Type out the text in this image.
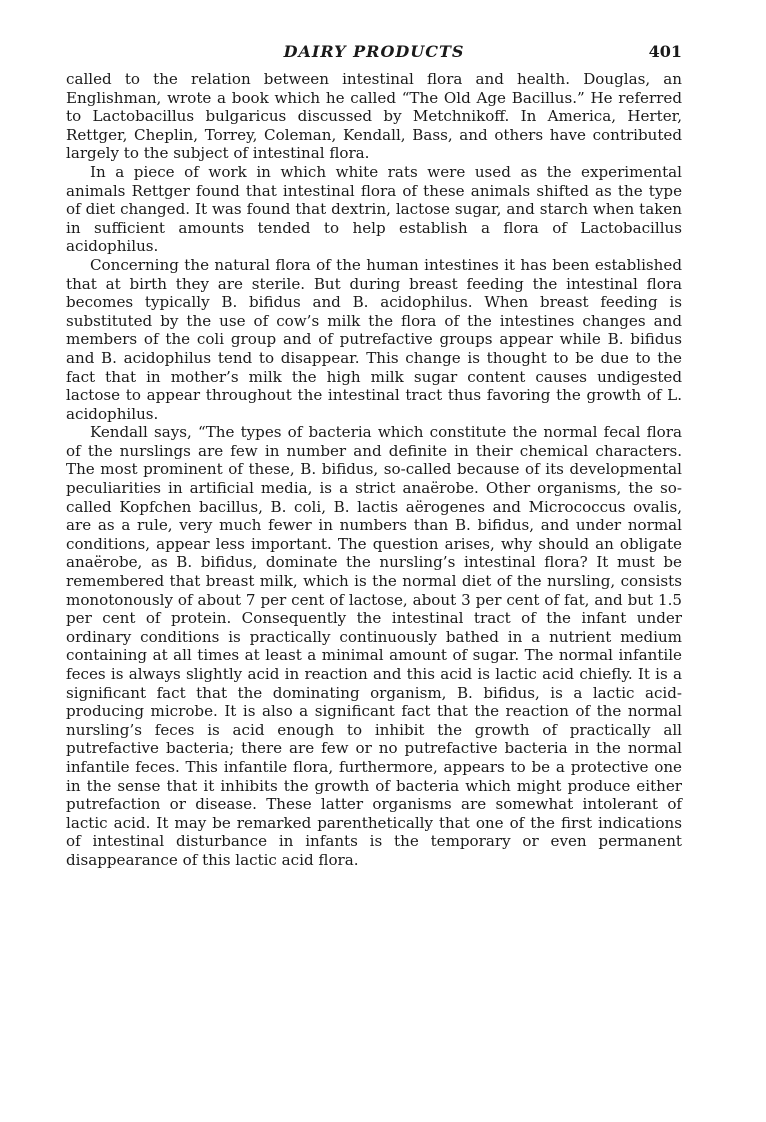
DAIRY PRODUCTS	401

called to the relation between intestinal flora and health. Douglas, an Englishman, wrote a book which he called “The Old Age Bacillus.” He referred to Lactobacillus bulgaricus discussed by Metchnikoff. In America, Herter, Rettger, Cheplin, Torrey, Coleman, Kendall, Bass, and others have contributed largely to the subject of intestinal flora.

In a piece of work in which white rats were used as the experimental animals Rettger found that intestinal flora of these animals shifted as the type of diet changed. It was found that dextrin, lactose sugar, and starch when taken in sufficient amounts tended to help establish a flora of Lactobacillus acidophilus.

Concerning the natural flora of the human intestines it has been established that at birth they are sterile. But during breast feeding the intestinal flora becomes typically B. bifidus and B. acidophilus. When breast feeding is substituted by the use of cow’s milk the flora of the intestines changes and members of the coli group and of putrefactive groups appear while B. bifidus and B. acidophilus tend to disappear. This change is thought to be due to the fact that in mother’s milk the high milk sugar content causes undigested lactose to appear throughout the intestinal tract thus favoring the growth of L. acidophilus.

Kendall says, “The types of bacteria which constitute the normal fecal flora of the nurslings are few in number and definite in their chemical characters. The most prominent of these, B. bifidus, so-called because of its developmental peculiarities in artificial media, is a strict anaërobe. Other organisms, the so-called Kopfchen bacillus, B. coli, B. lactis aërogenes and Micrococcus ovalis, are as a rule, very much fewer in numbers than B. bifidus, and under normal conditions, appear less important. The question arises, why should an obligate anaërobe, as B. bifidus, dominate the nursling’s intestinal flora? It must be remembered that breast milk, which is the normal diet of the nursling, consists monotonously of about 7 per cent of lactose, about 3 per cent of fat, and but 1.5 per cent of protein. Consequently the intestinal tract of the infant under ordinary conditions is practically continuously bathed in a nutrient medium containing at all times at least a minimal amount of sugar. The normal infantile feces is always slightly acid in reaction and this acid is lactic acid chiefly. It is a significant fact that the dominating organism, B. bifidus, is a lactic acid-producing microbe. It is also a significant fact that the reaction of the normal nursling’s feces is acid enough to inhibit the growth of practically all putrefactive bacteria; there are few or no putrefactive bacteria in the normal infantile feces. This infantile flora, furthermore, appears to be a protective one in the sense that it inhibits the growth of bacteria which might produce either putrefaction or disease. These latter organisms are somewhat intolerant of lactic acid. It may be remarked parenthetically that one of the first indications of intestinal disturbance in infants is the temporary or even permanent disappearance of this lactic acid flora.
